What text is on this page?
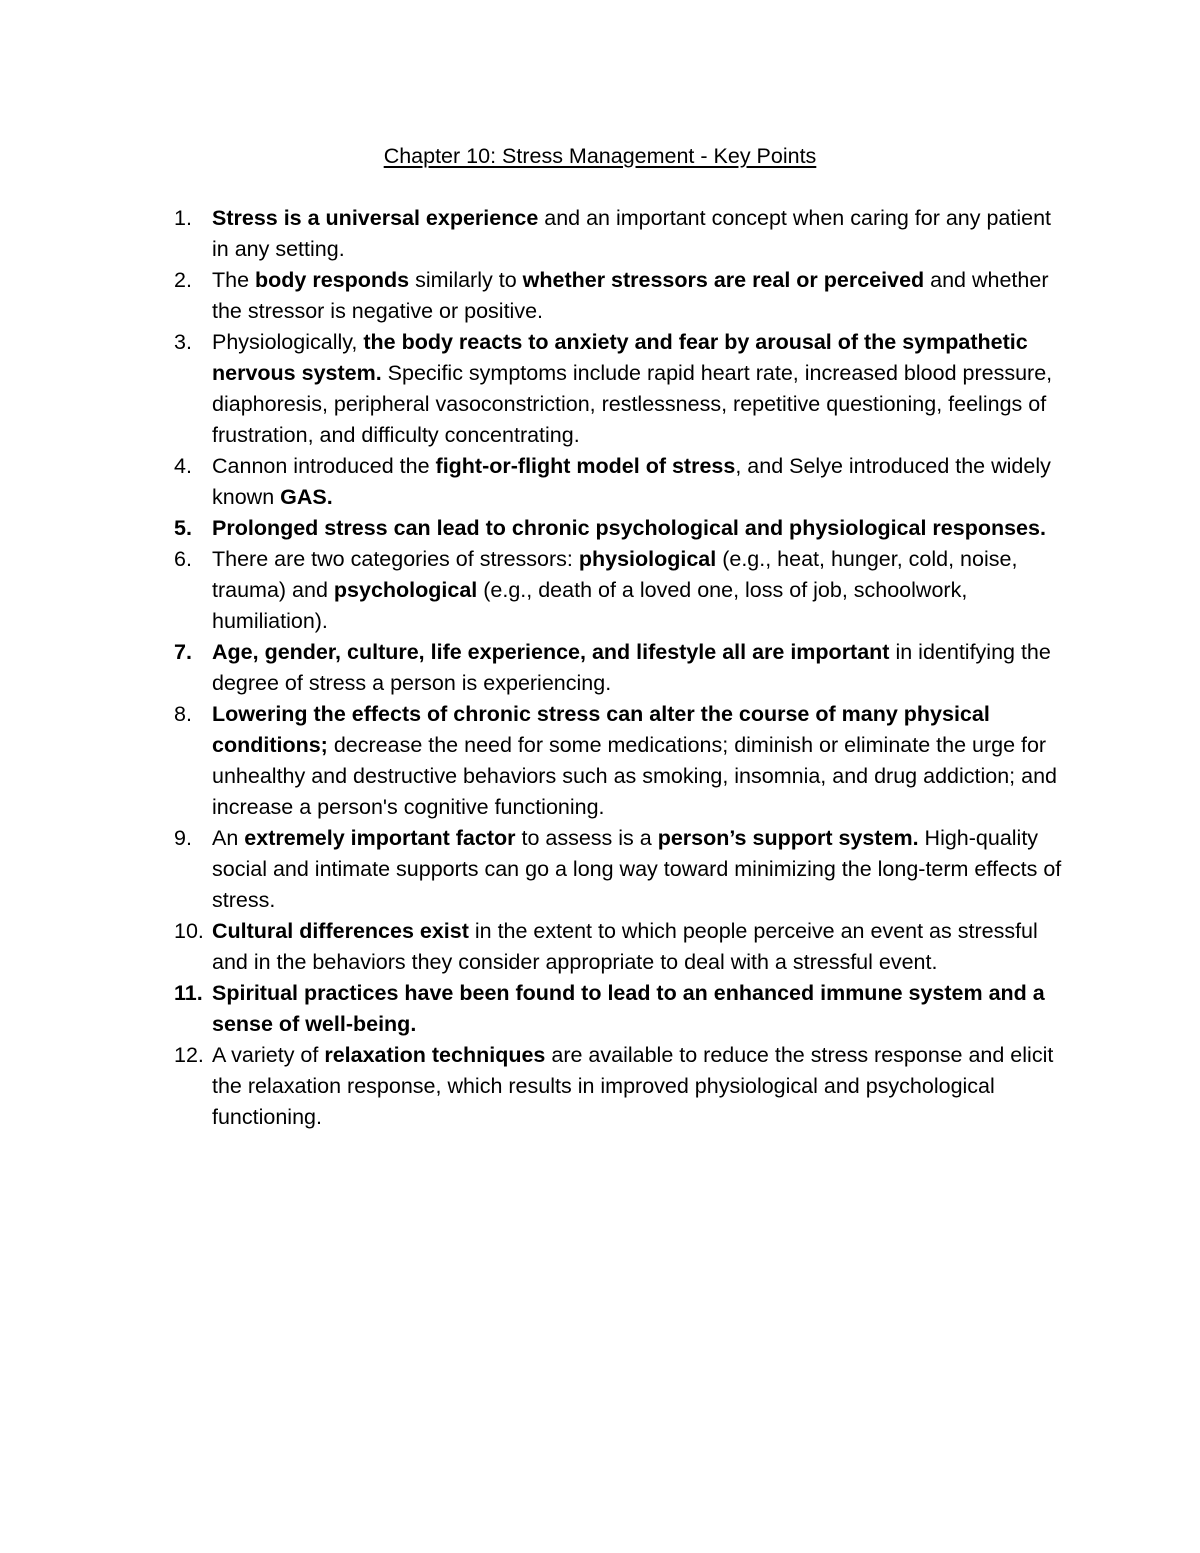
Chapter 10: Stress Management - Key Points
1. Stress is a universal experience and an important concept when caring for any patient in any setting.
2. The body responds similarly to whether stressors are real or perceived and whether the stressor is negative or positive.
3. Physiologically, the body reacts to anxiety and fear by arousal of the sympathetic nervous system. Specific symptoms include rapid heart rate, increased blood pressure, diaphoresis, peripheral vasoconstriction, restlessness, repetitive questioning, feelings of frustration, and difficulty concentrating.
4. Cannon introduced the fight-or-flight model of stress, and Selye introduced the widely known GAS.
5. Prolonged stress can lead to chronic psychological and physiological responses.
6. There are two categories of stressors: physiological (e.g., heat, hunger, cold, noise, trauma) and psychological (e.g., death of a loved one, loss of job, schoolwork, humiliation).
7. Age, gender, culture, life experience, and lifestyle all are important in identifying the degree of stress a person is experiencing.
8. Lowering the effects of chronic stress can alter the course of many physical conditions; decrease the need for some medications; diminish or eliminate the urge for unhealthy and destructive behaviors such as smoking, insomnia, and drug addiction; and increase a person's cognitive functioning.
9. An extremely important factor to assess is a person’s support system. High-quality social and intimate supports can go a long way toward minimizing the long-term effects of stress.
10. Cultural differences exist in the extent to which people perceive an event as stressful and in the behaviors they consider appropriate to deal with a stressful event.
11. Spiritual practices have been found to lead to an enhanced immune system and a sense of well-being.
12. A variety of relaxation techniques are available to reduce the stress response and elicit the relaxation response, which results in improved physiological and psychological functioning.
